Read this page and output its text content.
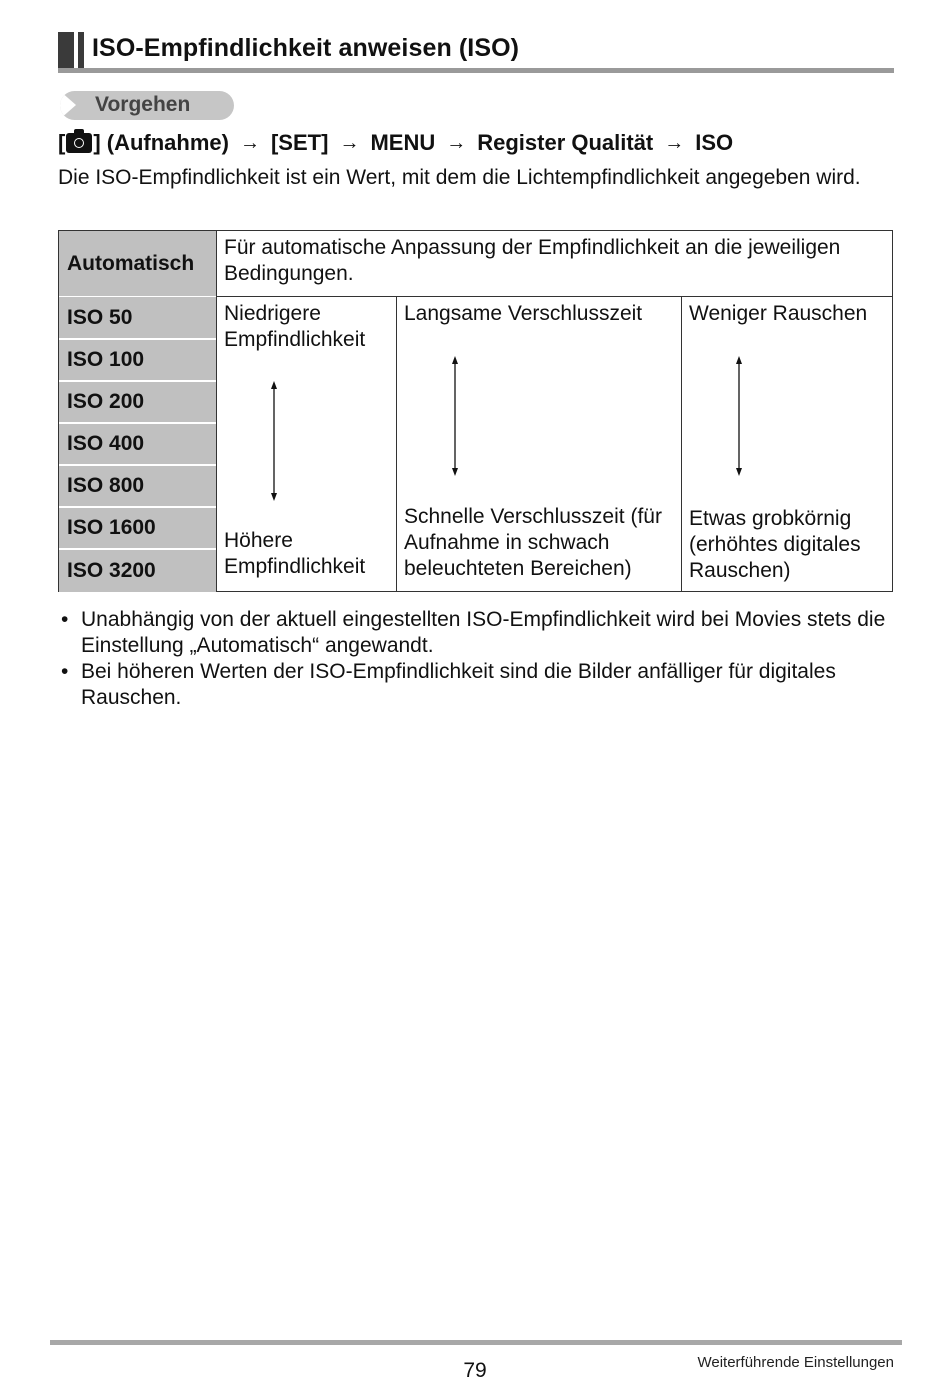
ISO-Empfindlichkeit anweisen (ISO)
Vorgehen
[ ] (Aufnahme) → [SET] → MENU → Register Qualität → ISO
Die ISO-Empfindlichkeit ist ein Wert, mit dem die Lichtempfindlichkeit angegeben wird.
Automatisch
Für automatische Anpassung der Empfindlichkeit an die jeweiligen Bedingungen.
ISO 50
ISO 100
ISO 200
ISO 400
ISO 800
ISO 1600
ISO 3200
Niedrigere Empfindlichkeit
Höhere Empfindlichkeit
Langsame Verschlusszeit
Schnelle Verschlusszeit (für Aufnahme in schwach beleuchteten Bereichen)
Weniger Rauschen
Etwas grobkörnig (erhöhtes digitales Rauschen)
• Unabhängig von der aktuell eingestellten ISO-Empfindlichkeit wird bei Movies stets die Einstellung „Automatisch“ angewandt.
• Bei höheren Werten der ISO-Empfindlichkeit sind die Bilder anfälliger für digitales Rauschen.
79	Weiterführende Einstellungen
